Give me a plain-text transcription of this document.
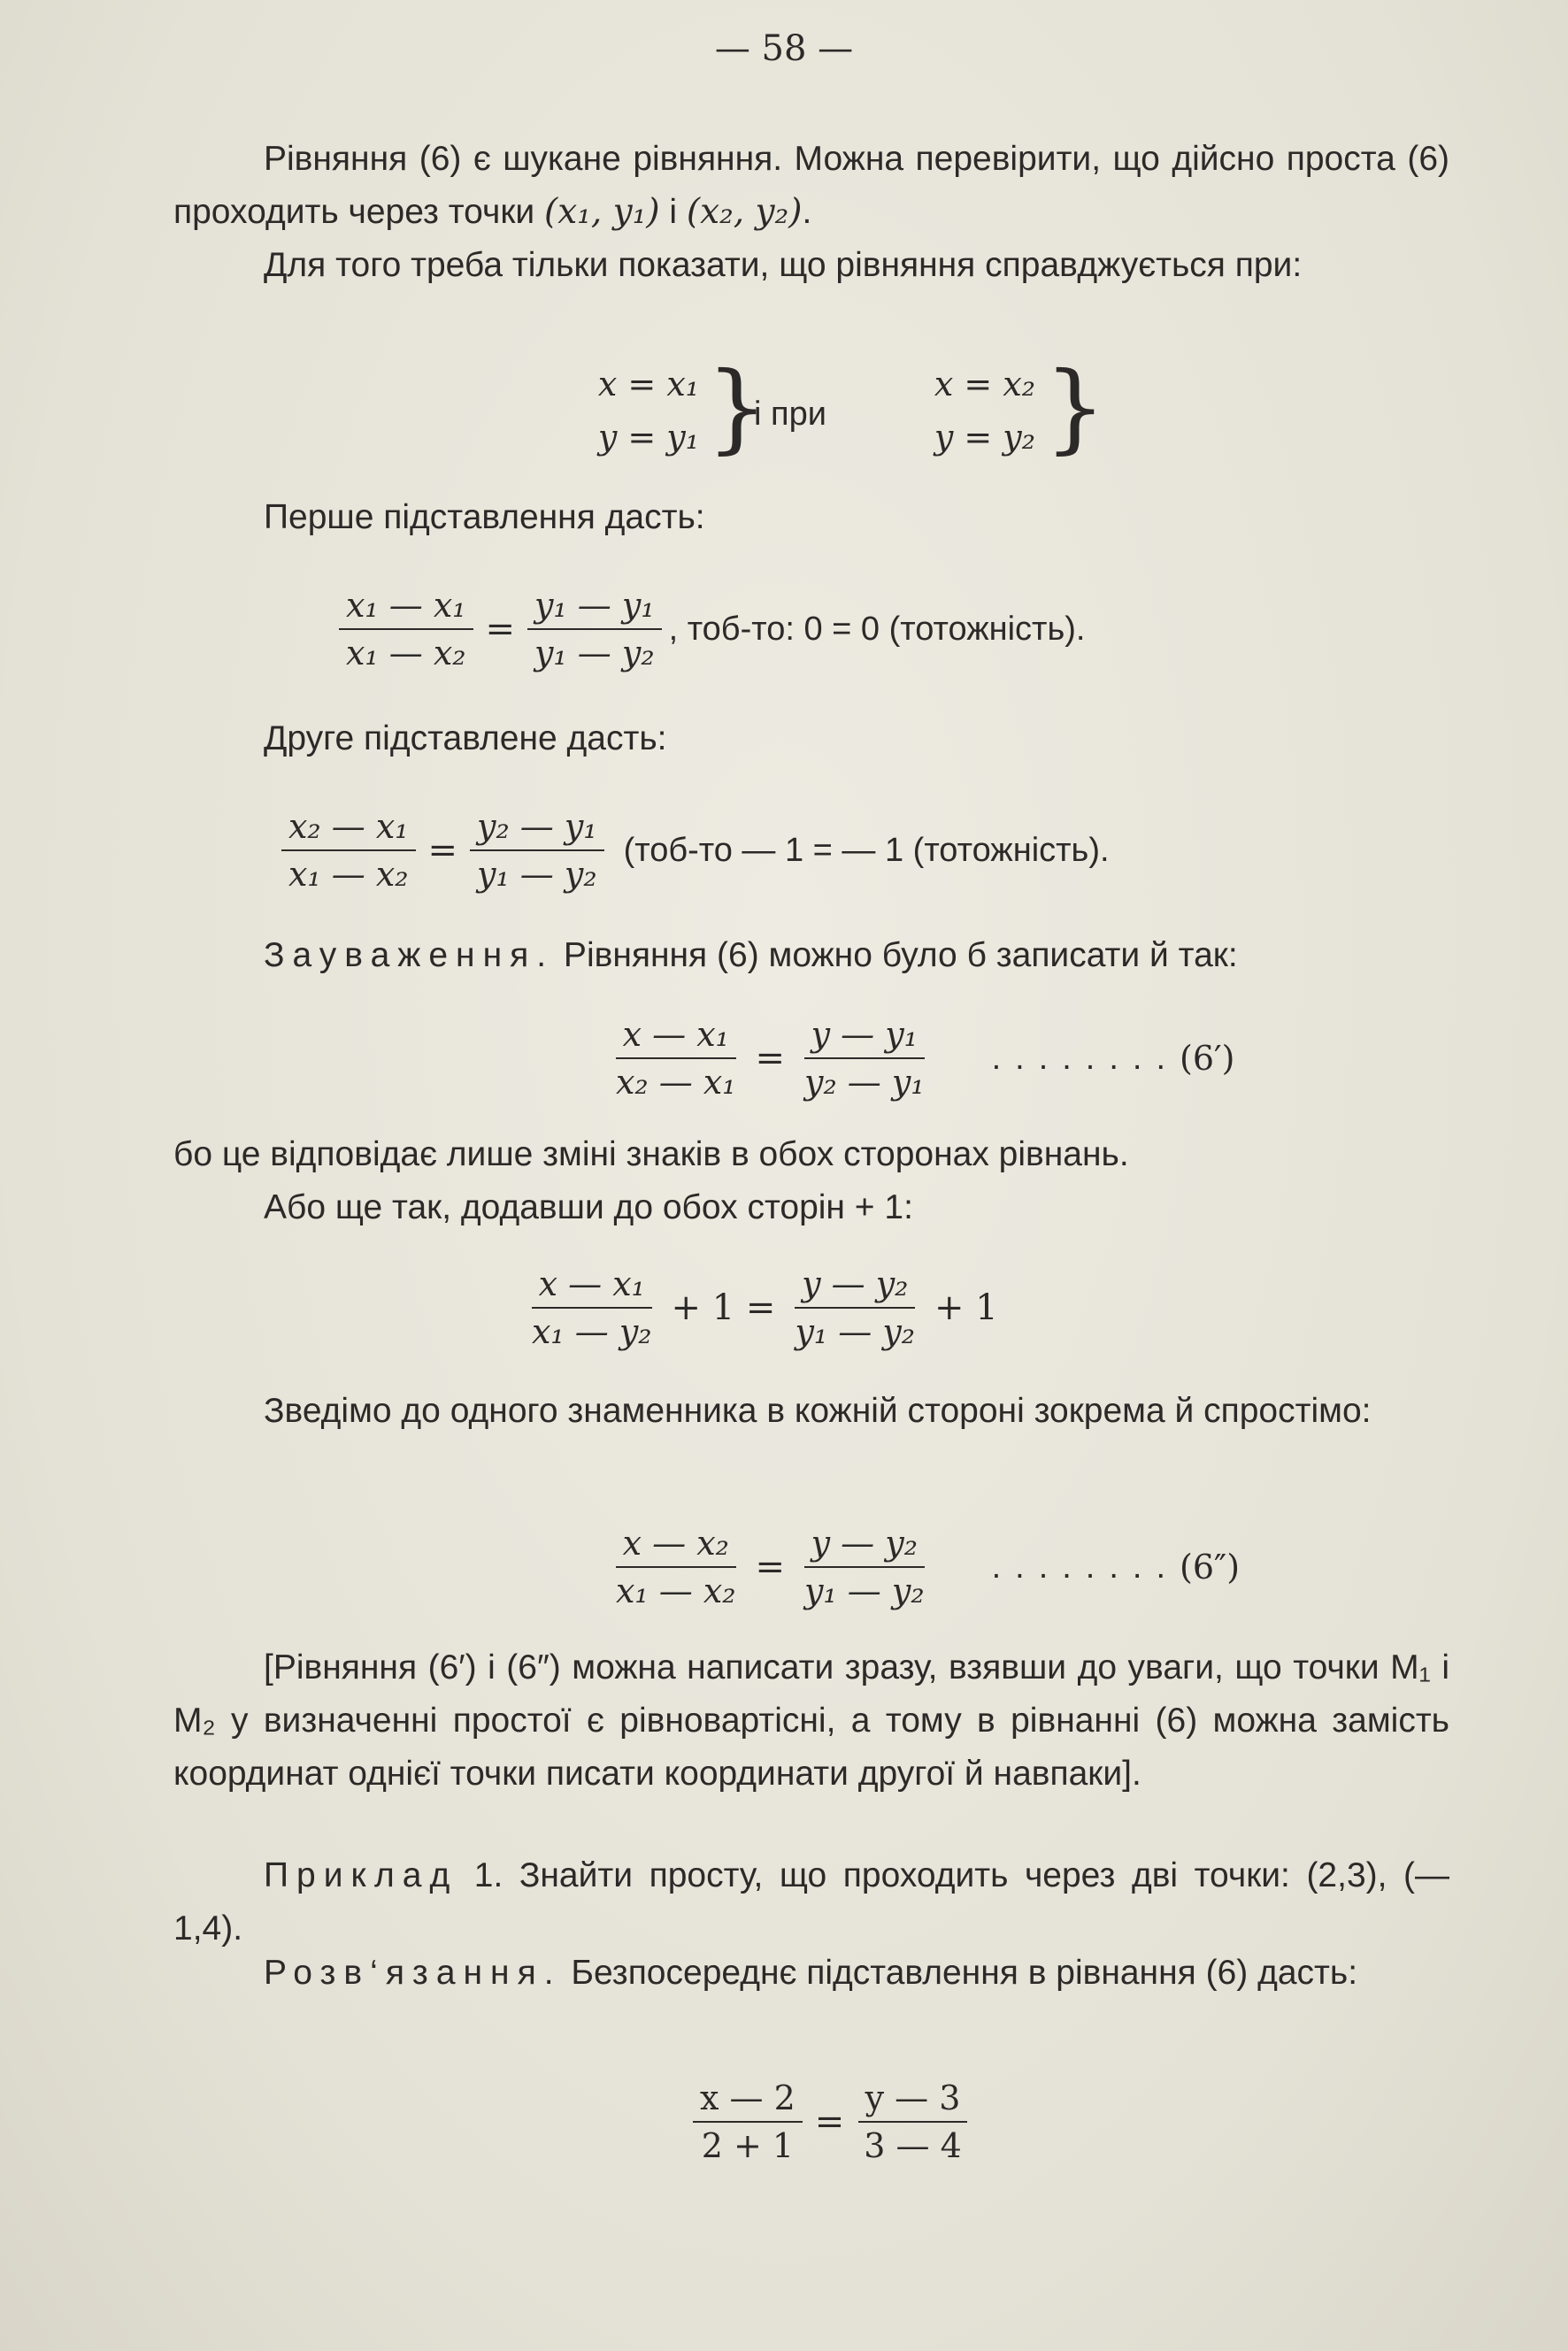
— 58 —

Рівняння (6) є шукане рівняння. Можна перевірити, що дійсно проста (6) проходить через точки (x₁, y₁) і (x₂, y₂).

Для того треба тільки показати, що рівняння справджується при:

x = x₁
y = y₁ }
і при
x = x₂
y = y₂ }
Перше підставлення дасть:
$\frac{\text{x₁ — x₁}}{\text{x₁ — x₂}} = \frac{\text{y₁ — y₁}}{\text{y₁ — y₂}}$ , тоб-то: 0 = 0 (тотожність).
Друге підставлене дасть:
$\frac{\text{x₂ — x₁}}{\text{x₁ — x₂}} = \frac{\text{y₂ — y₁}}{\text{y₁ — y₂}} (тоб-то$ — 1 = — 1 (тотожність).

Зауваження. Рівняння (6) можно було б записати й так:

$\frac{\text{x — x₁}}{\text{x₂ — x₁}} = \frac{\text{y — y₁}}{\text{y₂ — y₁}}$ ........ (6′)

бо це відповідає лише зміні знаків в обох сторонах рівнань.

Або ще так, додавши до обох сторін + 1:

$\frac{\text{x — x₁}}{\text{x₁ — y₂}} + 1 = \frac{\text{y — y₂}}{\text{y₁ — y₂}} + 1$

Зведімо до одного знаменника в кожній стороні зокрема й спростімо:

$\frac{\text{x — x₂}}{\text{x₁ — x₂}} = \frac{\text{y — y₂}}{\text{y₁ — y₂}}$ ........ (6″)

[Рівняння (6′) і (6″) можна написати зразу, взявши до уваги, що точки M₁ і M₂ у визначенні простої є рівновартісні, а тому в рівнанні (6) можна замість координат однієї точки писати координати другої й навпаки].

Приклад 1. Знайти просту, що проходить через дві точки: (2,3), (— 1,4).

Розв‘язання. Безпосереднє підставлення в рівнання (6) дасть:

$\frac{x — 2}{2 + 1} = \frac{y — 3}{3 — 4}$
